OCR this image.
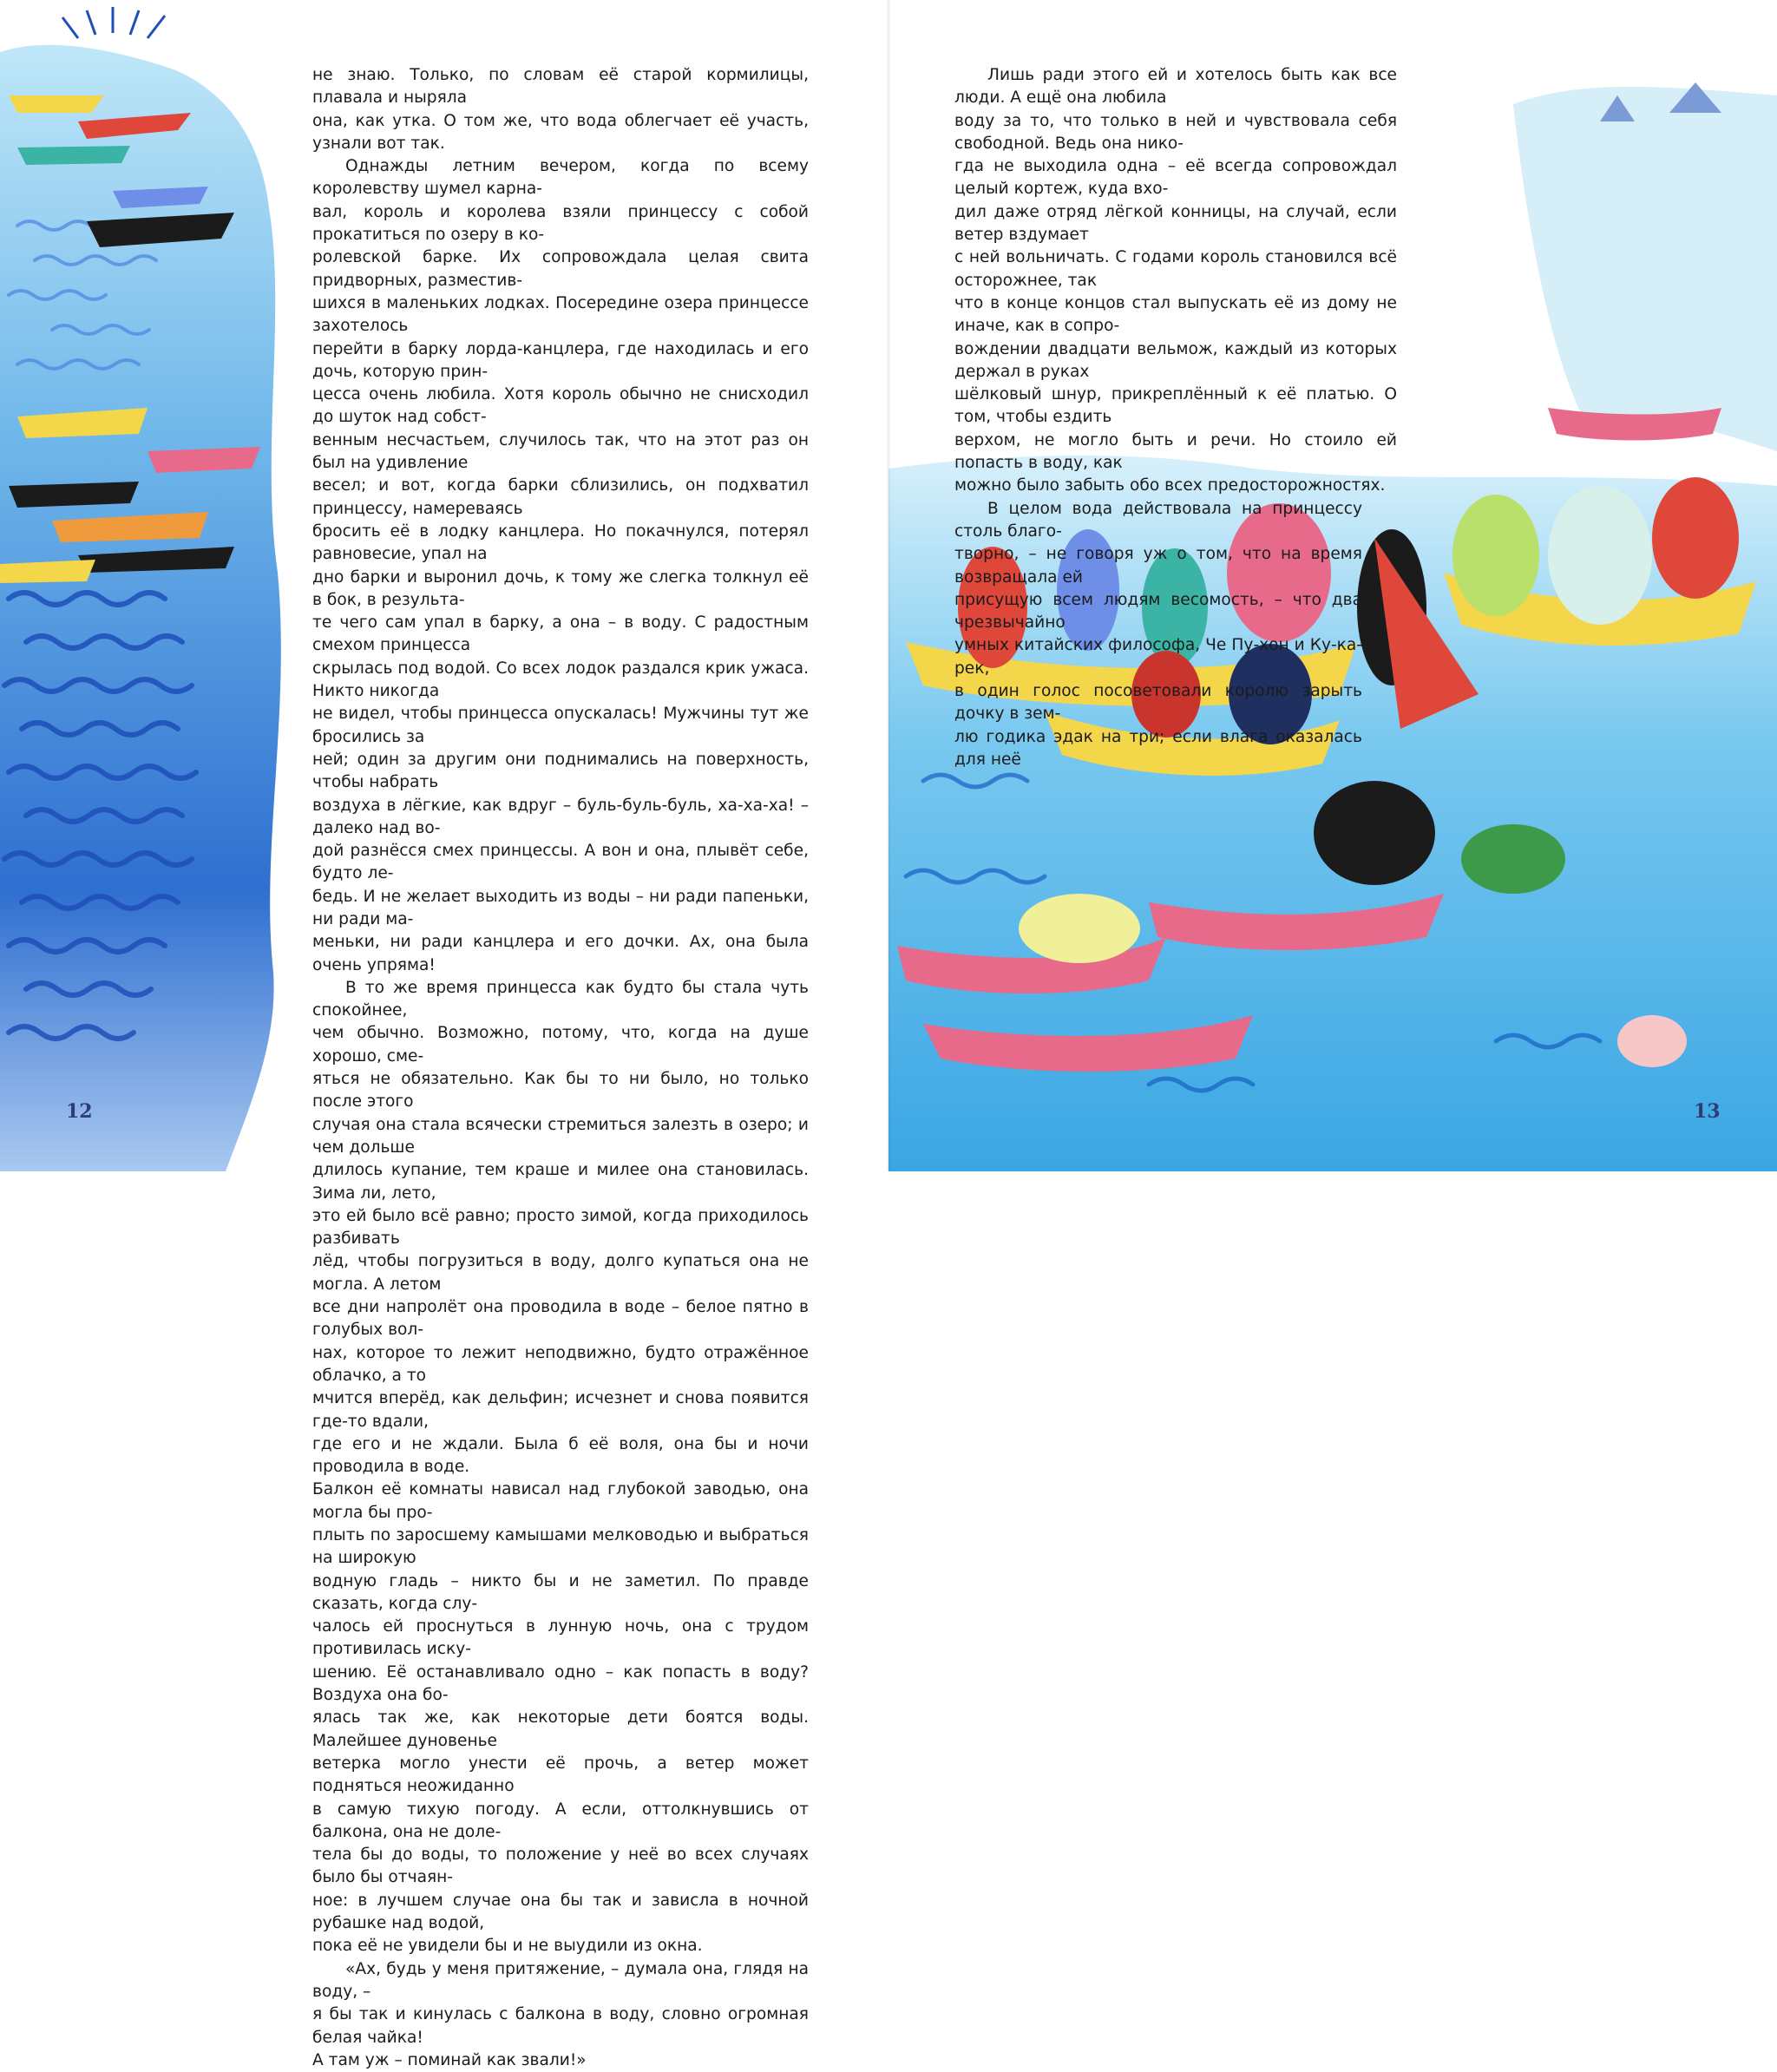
не знаю. Только, по словам её старой кормилицы, плавала и ныряла
она, как утка. О том же, что вода облегчает её участь, узнали вот так.

Однажды летним вечером, когда по всему королевству шумел карна-
вал, король и королева взяли принцессу с собой прокатиться по озеру в ко-
ролевской барке. Их сопровождала целая свита придворных, разместив-
шихся в маленьких лодках. Посередине озера принцессе захотелось
перейти в барку лорда-канцлера, где находилась и его дочь, которую прин-
цесса очень любила. Хотя король обычно не снисходил до шуток над собст-
венным несчастьем, случилось так, что на этот раз он был на удивление
весел; и вот, когда барки сблизились, он подхватил принцессу, намереваясь
бросить её в лодку канцлера. Но покачнулся, потерял равновесие, упал на
дно барки и выронил дочь, к тому же слегка толкнул её в бок, в результа-
те чего сам упал в барку, а она – в воду. С радостным смехом принцесса
скрылась под водой. Со всех лодок раздался крик ужаса. Никто никогда
не видел, чтобы принцесса опускалась! Мужчины тут же бросились за
ней; один за другим они поднимались на поверхность, чтобы набрать
воздуха в лёгкие, как вдруг – буль-буль-буль, ха-ха-ха! – далеко над во-
дой разнёсся смех принцессы. А вон и она, плывёт себе, будто ле-
бедь. И не желает выходить из воды – ни ради папеньки, ни ради ма-
меньки, ни ради канцлера и его дочки. Ах, она была очень упряма!

В то же время принцесса как будто бы стала чуть спокойнее,
чем обычно. Возможно, потому, что, когда на душе хорошо, сме-
яться не обязательно. Как бы то ни было, но только после этого
случая она стала всячески стремиться залезть в озеро; и чем дольше
длилось купание, тем краше и милее она становилась. Зима ли, лето,
это ей было всё равно; просто зимой, когда приходилось разбивать
лёд, чтобы погрузиться в воду, долго купаться она не могла. А летом
все дни напролёт она проводила в воде – белое пятно в голубых вол-
нах, которое то лежит неподвижно, будто отражённое облачко, а то
мчится вперёд, как дельфин; исчезнет и снова появится где-то вдали,
где его и не ждали. Была б её воля, она бы и ночи проводила в воде.
Балкон её комнаты нависал над глубокой заводью, она могла бы про-
плыть по заросшему камышами мелководью и выбраться на широкую
водную гладь – никто бы и не заметил. По правде сказать, когда слу-
чалось ей проснуться в лунную ночь, она с трудом противилась иску-
шению. Её останавливало одно – как попасть в воду? Воздуха она бо-
ялась так же, как некоторые дети боятся воды. Малейшее дуновенье
ветерка могло унести её прочь, а ветер может подняться неожиданно
в самую тихую погоду. А если, оттолкнувшись от балкона, она не доле-
тела бы до воды, то положение у неё во всех случаях было бы отчаян-
ное: в лучшем случае она бы так и зависла в ночной рубашке над водой,
пока её не увидели бы и не выудили из окна.

«Ах, будь у меня притяжение, – думала она, глядя на воду, –
я бы так и кинулась с балкона в воду, словно огромная белая чайка!
А там уж – поминай как звали!»

12

Лишь ради этого ей и хотелось быть как все люди. А ещё она любила
воду за то, что только в ней и чувствовала себя свободной. Ведь она нико-
гда не выходила одна – её всегда сопровождал целый кортеж, куда вхо-
дил даже отряд лёгкой конницы, на случай, если ветер вздумает
с ней вольничать. С годами король становился всё осторожнее, так
что в конце концов стал выпускать её из дому не иначе, как в сопро-
вождении двадцати вельмож, каждый из которых держал в руках
шёлковый шнур, прикреплённый к её платью. О том, чтобы ездить
верхом, не могло быть и речи. Но стоило ей попасть в воду, как
можно было забыть обо всех предосторожностях.

В целом вода действовала на принцессу столь благо-
творно, – не говоря уж о том, что на время возвращала ей
присущую всем людям весомость, – что два чрезвычайно
умных китайских философа, Че Пу-хон и Ку-ка-рек,
в один голос посоветовали королю зарыть дочку в зем-
лю годика эдак на три; если влага оказалась для неё

13
